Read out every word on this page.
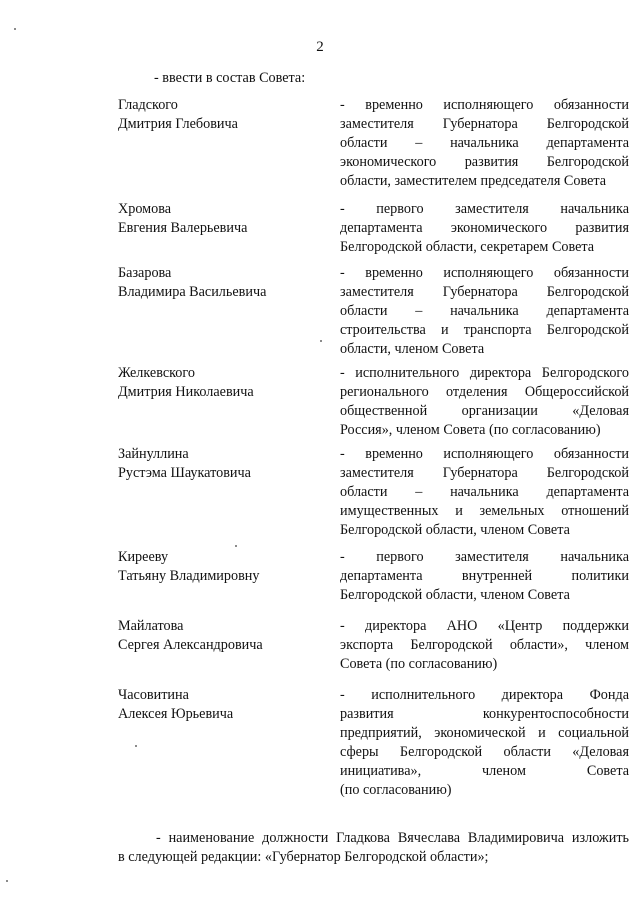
2
- ввести в состав Совета:
Гладского
Дмитрия Глебовича
- временно исполняющего обязанности
заместителя Губернатора Белгородской
области – начальника департамента
экономического развития Белгородской
области, заместителем председателя Совета
Хромова
Евгения Валерьевича
- первого заместителя начальника
департамента экономического развития
Белгородской области, секретарем Совета
Базарова
Владимира Васильевича
- временно исполняющего обязанности
заместителя Губернатора Белгородской
области – начальника департамента
строительства и транспорта Белгородской
области, членом Совета
Желкевского
Дмитрия Николаевича
- исполнительного директора Белгородского
регионального отделения Общероссийской
общественной организации «Деловая
Россия», членом Совета (по согласованию)
Зайнуллина
Рустэма Шаукатовича
- временно исполняющего обязанности
заместителя Губернатора Белгородской
области – начальника департамента
имущественных и земельных отношений
Белгородской области, членом Совета
Кирееву
Татьяну Владимировну
- первого заместителя начальника
департамента внутренней политики
Белгородской области, членом Совета
Майлатова
Сергея Александровича
- директора АНО «Центр поддержки
экспорта Белгородской области», членом
Совета (по согласованию)
Часовитина
Алексея Юрьевича
- исполнительного директора Фонда
развития конкурентоспособности
предприятий, экономической и социальной
сферы Белгородской области «Деловая
инициатива», членом Совета
(по согласованию)
- наименование должности Гладкова Вячеслава Владимировича изложить
в следующей редакции: «Губернатор Белгородской области»;
